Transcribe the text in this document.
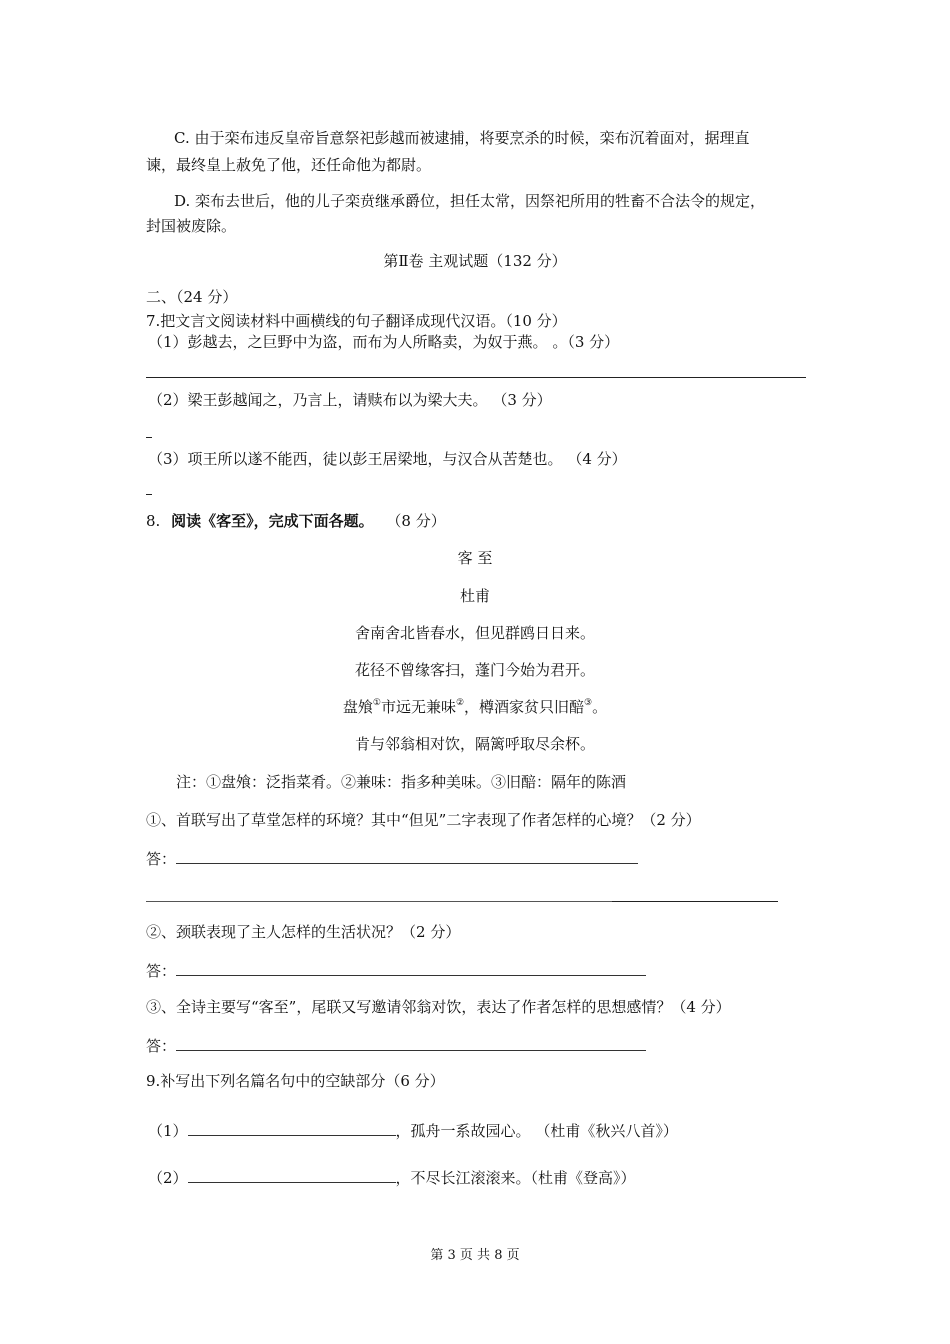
C. 由于栾布违反皇帝旨意祭祀彭越而被逮捕，将要烹杀的时候，栾布沉着面对，据理直
谏，最终皇上赦免了他，还任命他为都尉。
D. 栾布去世后，他的儿子栾贲继承爵位，担任太常，因祭祀所用的牲畜不合法令的规定，
封国被废除。
第Ⅱ卷 主观试题（132 分）
二、（24 分）
7.把文言文阅读材料中画横线的句子翻译成现代汉语。（10 分）
（1）彭越去，之巨野中为盗，而布为人所略卖，为奴于燕。 。（3 分）
（2）梁王彭越闻之，乃言上，请赎布以为梁大夫。 （3 分）
（3）项王所以遂不能西，徒以彭王居梁地，与汉合从苦楚也。 （4 分）
8. 阅读《客至》，完成下面各题。 （8 分）
客 至
杜甫
舍南舍北皆春水，但见群鸥日日来。
花径不曾缘客扫，蓬门今始为君开。
盘飧①市远无兼味②，樽酒家贫只旧醅③。
肯与邻翁相对饮，隔篱呼取尽余杯。
注：①盘飧：泛指菜肴。②兼味：指多种美味。③旧醅：隔年的陈酒
①、首联写出了草堂怎样的环境？其中“但见”二字表现了作者怎样的心境？（2 分）
答：
②、颈联表现了主人怎样的生活状况？（2 分）
答：
③、全诗主要写“客至”，尾联又写邀请邻翁对饮，表达了作者怎样的思想感情？（4 分）
答：
9.补写出下列名篇名句中的空缺部分（6 分）
（1）	，孤舟一系故园心。 （杜甫《秋兴八首》）
（2）	，不尽长江滚滚来。（杜甫《登高》）
第 3 页 共 8 页
